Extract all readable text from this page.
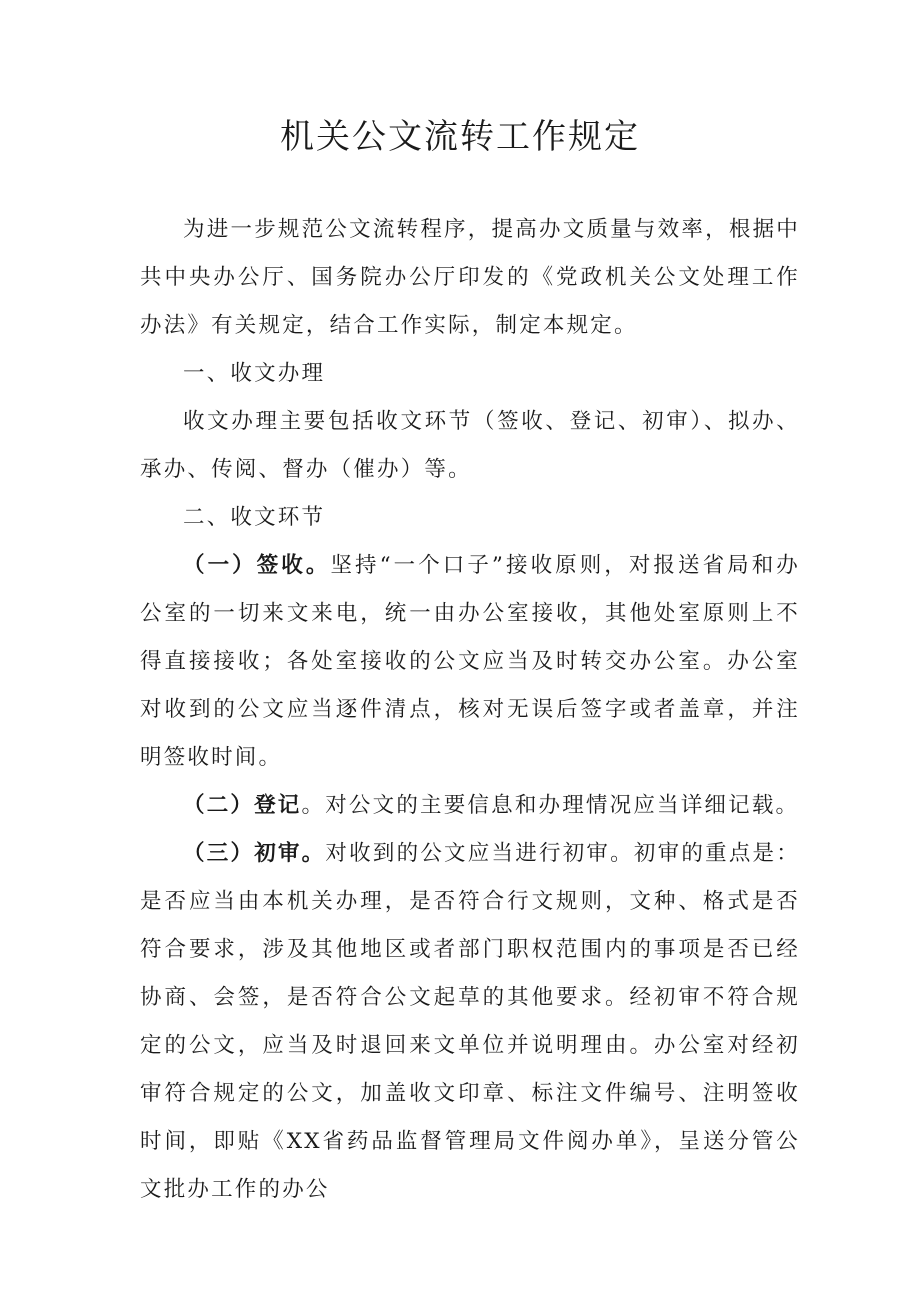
机关公文流转工作规定

为进一步规范公文流转程序，提高办文质量与效率，根据中共中央办公厅、国务院办公厅印发的《党政机关公文处理工作办法》有关规定，结合工作实际，制定本规定。

一、收文办理

收文办理主要包括收文环节（签收、登记、初审）、拟办、承办、传阅、督办（催办）等。

二、收文环节

（一）签收。坚持“一个口子”接收原则，对报送省局和办公室的一切来文来电，统一由办公室接收，其他处室原则上不得直接接收；各处室接收的公文应当及时转交办公室。办公室对收到的公文应当逐件清点，核对无误后签字或者盖章，并注明签收时间。

（二）登记。对公文的主要信息和办理情况应当详细记载。

（三）初审。对收到的公文应当进行初审。初审的重点是：是否应当由本机关办理，是否符合行文规则，文种、格式是否符合要求，涉及其他地区或者部门职权范围内的事项是否已经协商、会签，是否符合公文起草的其他要求。经初审不符合规定的公文，应当及时退回来文单位并说明理由。办公室对经初审符合规定的公文，加盖收文印章、标注文件编号、注明签收时间，即贴《XX省药品监督管理局文件阅办单》，呈送分管公文批办工作的办公
